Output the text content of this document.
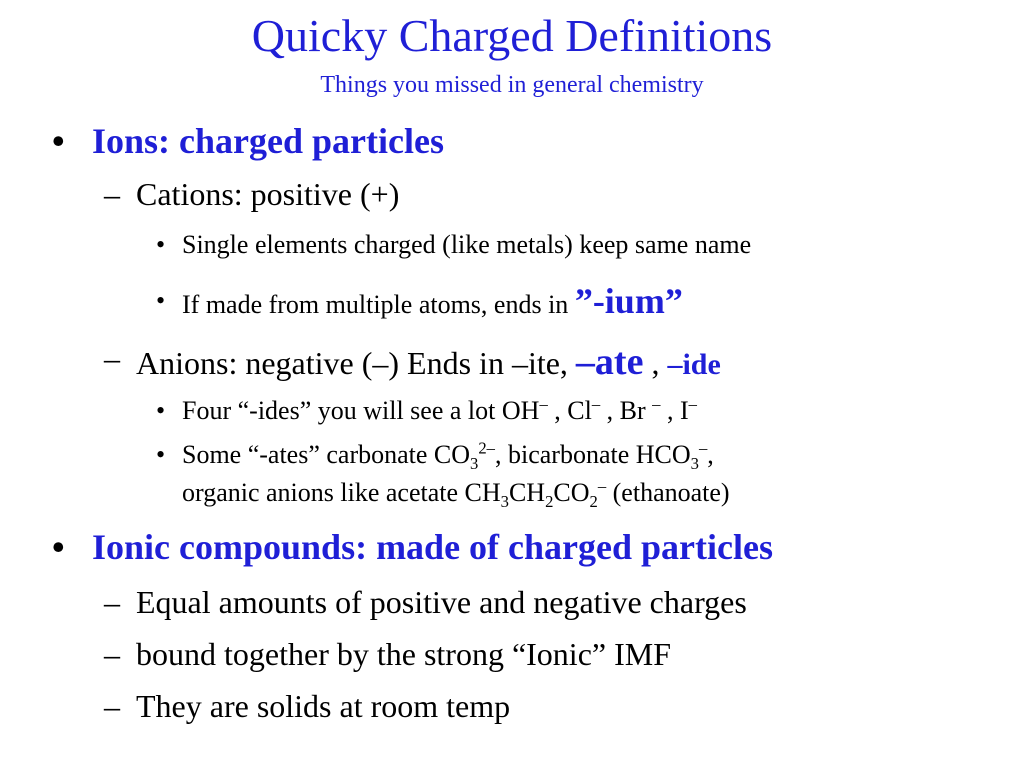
Quicky Charged Definitions
Things you missed in general chemistry
• Ions: charged particles
– Cations: positive (+)
• Single elements charged (like metals) keep same name
• If made from multiple atoms, ends in ”-ium”
– Anions: negative (–) Ends in –ite, –ate , –ide
• Four “-ides” you will see a lot OH– , Cl– , Br – , I–
• Some “-ates” carbonate $CO_3^{2-}$, bicarbonate $HCO_3^-$,
organic anions like acetate $CH_3CH_2CO_2^-$ (ethanoate)
• Ionic compounds: made of charged particles
– Equal amounts of positive and negative charges
– bound together by the strong “Ionic” IMF
– They are solids at room temp
